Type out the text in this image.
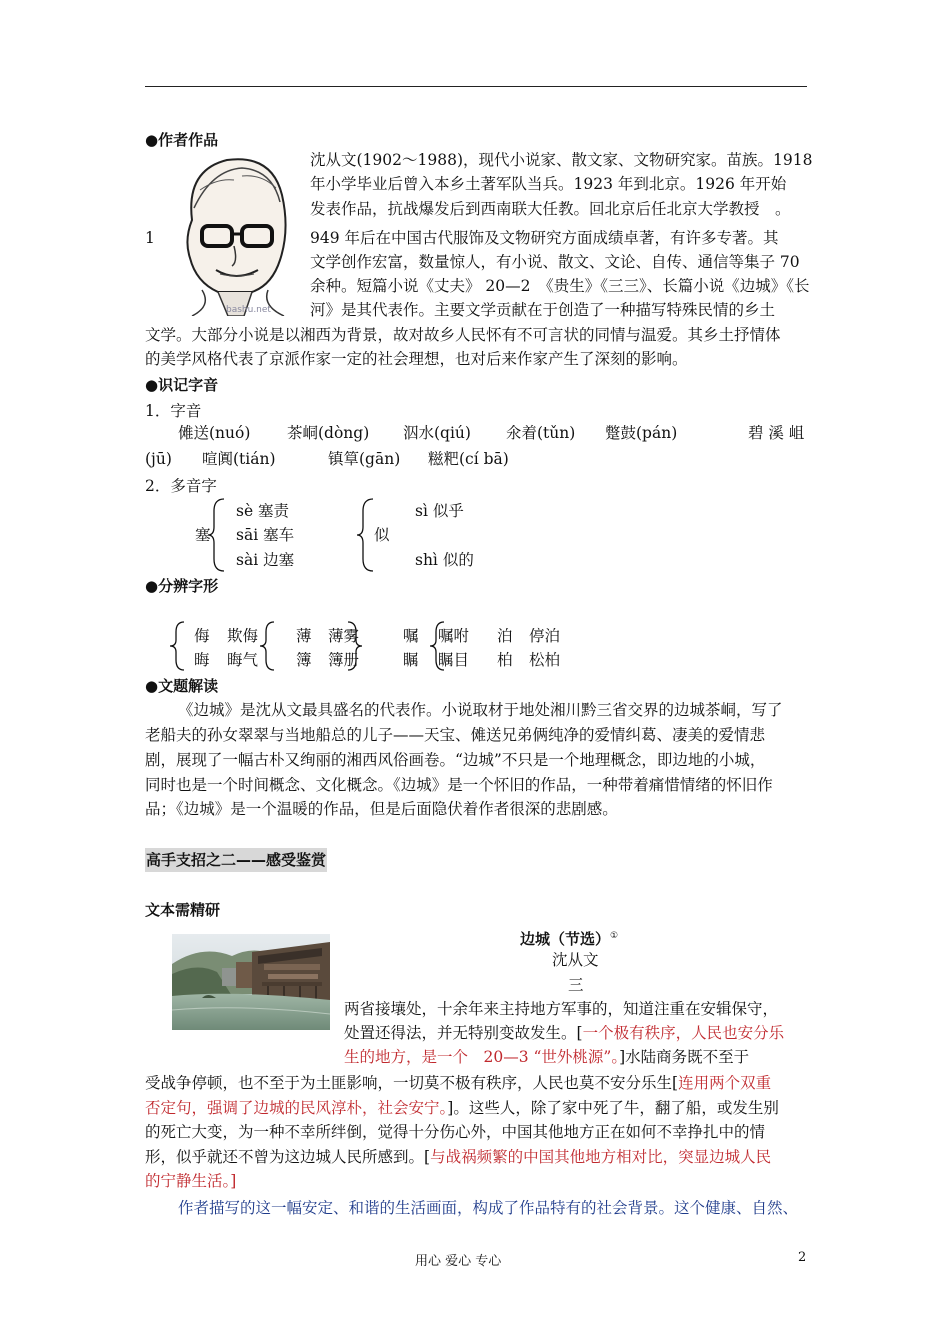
●作者作品
bashu.net
1
沈从文(1902～1988)，现代小说家、散文家、文物研究家。苗族。1918
年小学毕业后曾入本乡土著军队当兵。1923 年到北京。1926 年开始
发表作品，抗战爆发后到西南联大任教。回北京后任北京大学教授　。
949 年后在中国古代服饰及文物研究方面成绩卓著，有许多专著。其
文学创作宏富，数量惊人，有小说、散文、文论、自传、通信等集子 70
余种。短篇小说《丈夫》 20—2　《贵生》《三三》、长篇小说《边城》《长
河》是其代表作。主要文学贡献在于创造了一种描写特殊民情的乡土
文学。大部分小说是以湘西为背景，故对故乡人民怀有不可言状的同情与温爱。其乡土抒情体
的美学风格代表了京派作家一定的社会理想，也对后来作家产生了深刻的影响。
●识记字音
1．字音
傩送(nuó) 茶峒(dòng) 泅水(qiú) 氽着(tǔn) 蹩鼓(pán)	碧 溪 岨
(jū) 喧阗(tián)	镇筸(gān) 糍粑(cí bā)
2．多音字
塞
sè 塞责
sāi 塞车
sài 边塞
似
sì 似乎
shì 似的
●分辨字形
侮 欺侮 薄 薄雾	嘱 嘱咐 泊 停泊
晦 晦气 簿 簿册	瞩 瞩目 柏 松柏
●文题解读
《边城》是沈从文最具盛名的代表作。小说取材于地处湘川黔三省交界的边城茶峒，写了
老船夫的孙女翠翠与当地船总的儿子——天宝、傩送兄弟俩纯净的爱情纠葛、凄美的爱情悲
剧，展现了一幅古朴又绚丽的湘西风俗画卷。“边城”不只是一个地理概念，即边地的小城，
同时也是一个时间概念、文化概念。《边城》是一个怀旧的作品，一种带着痛惜情绪的怀旧作
品；《边城》是一个温暖的作品，但是后面隐伏着作者很深的悲剧感。
高手支招之二——感受鉴赏
文本需精研
边城（节选）①
沈从文
三
两省接壤处，十余年来主持地方军事的，知道注重在安辑保守，
处置还得法，并无特别变故发生。[一个极有秩序，人民也安分乐
生的地方，是一个　20—3 “世外桃源”。]水陆商务既不至于
受战争停顿，也不至于为土匪影响，一切莫不极有秩序，人民也莫不安分乐生[连用两个双重
否定句，强调了边城的民风淳朴，社会安宁。]。这些人，除了家中死了牛，翻了船，或发生别
的死亡大变，为一种不幸所绊倒，觉得十分伤心外，中国其他地方正在如何不幸挣扎中的情
形，似乎就还不曾为这边城人民所感到。[与战祸频繁的中国其他地方相对比，突显边城人民
的宁静生活。]
作者描写的这一幅安定、和谐的生活画面，构成了作品特有的社会背景。这个健康、自然、
用心 爱心 专心	2
